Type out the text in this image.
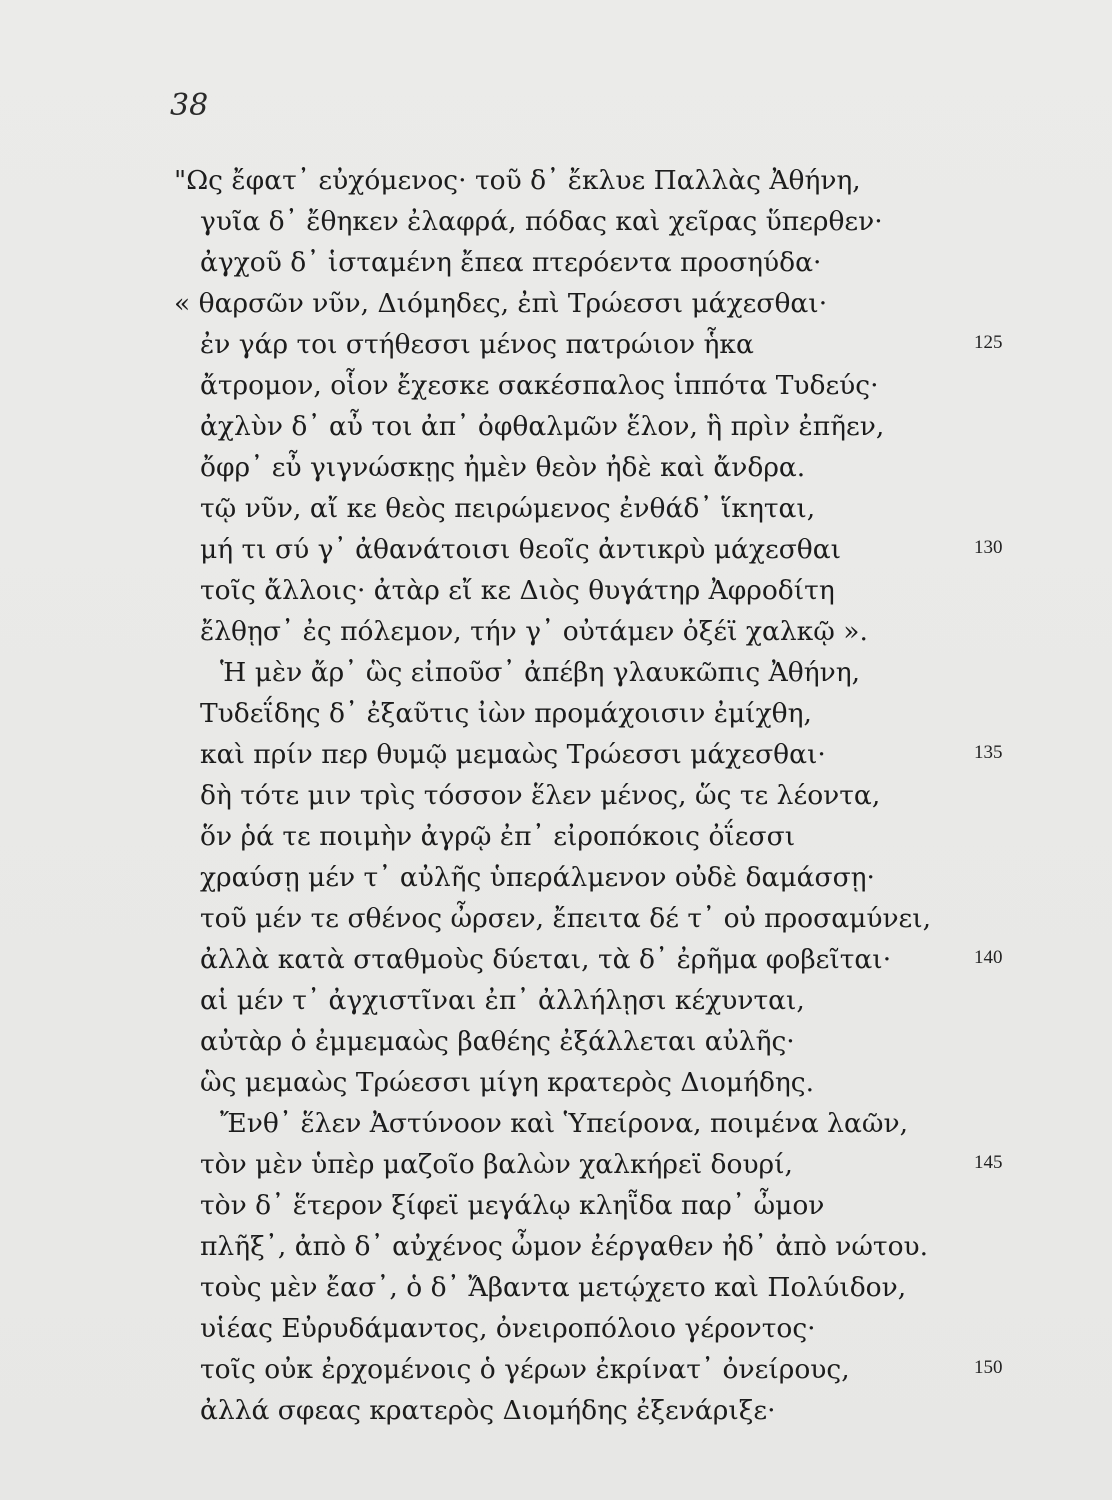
38
"Ως ἔφατ᾽ εὐχόμενος· τοῦ δ᾽ ἔκλυε Παλλὰς Ἀθήνη,
γυῖα δ᾽ ἔθηκεν ἐλαφρά, πόδας καὶ χεῖρας ὕπερθεν·
ἀγχοῦ δ᾽ ἱσταμένη ἔπεα πτερόεντα προσηύδα·
« θαρσῶν νῦν, Διόμηδες, ἐπὶ Τρώεσσι μάχεσθαι·
ἐν γάρ τοι στήθεσσι μένος πατρώιον ἧκα	125
ἄτρομον, οἷον ἔχεσκε σακέσπαλος ἱππότα Τυδεύς·
ἀχλὺν δ᾽ αὖ τοι ἀπ᾽ ὀφθαλμῶν ἕλον, ἣ πρὶν ἐπῆεν,
ὄφρ᾽ εὖ γιγνώσκῃς ἠμὲν θεὸν ἠδὲ καὶ ἄνδρα.
τῷ νῦν, αἴ κε θεὸς πειρώμενος ἐνθάδ᾽ ἵκηται,
μή τι σύ γ᾽ ἀθανάτοισι θεοῖς ἀντικρὺ μάχεσθαι	130
τοῖς ἄλλοις· ἀτὰρ εἴ κε Διὸς θυγάτηρ Ἀφροδίτη
ἔλθῃσ᾽ ἐς πόλεμον, τήν γ᾽ οὐτάμεν ὀξέϊ χαλκῷ ».
Ἡ μὲν ἄρ᾽ ὣς εἰποῦσ᾽ ἀπέβη γλαυκῶπις Ἀθήνη,
Τυδεΐδης δ᾽ ἐξαῦτις ἰὼν προμάχοισιν ἐμίχθη,
καὶ πρίν περ θυμῷ μεμαὼς Τρώεσσι μάχεσθαι·	135
δὴ τότε μιν τρὶς τόσσον ἕλεν μένος, ὥς τε λέοντα,
ὅν ῥά τε ποιμὴν ἀγρῷ ἐπ᾽ εἰροπόκοις ὀΐεσσι
χραύσῃ μέν τ᾽ αὐλῆς ὑπεράλμενον οὐδὲ δαμάσσῃ·
τοῦ μέν τε σθένος ὦρσεν, ἔπειτα δέ τ᾽ οὐ προσαμύνει,
ἀλλὰ κατὰ σταθμοὺς δύεται, τὰ δ᾽ ἐρῆμα φοβεῖται·	140
αἱ μέν τ᾽ ἀγχιστῖναι ἐπ᾽ ἀλλήλῃσι κέχυνται,
αὐτὰρ ὁ ἐμμεμαὼς βαθέης ἐξάλλεται αὐλῆς·
ὣς μεμαὼς Τρώεσσι μίγη κρατερὸς Διομήδης.
Ἔνθ᾽ ἕλεν Ἀστύνοον καὶ Ὑπείρονα, ποιμένα λαῶν,
τὸν μὲν ὑπὲρ μαζοῖο βαλὼν χαλκήρεϊ δουρί,	145
τὸν δ᾽ ἕτερον ξίφεϊ μεγάλῳ κληῗδα παρ᾽ ὦμον
πλῆξ᾽, ἀπὸ δ᾽ αὐχένος ὦμον ἐέργαθεν ἠδ᾽ ἀπὸ νώτου.
τοὺς μὲν ἔασ᾽, ὁ δ᾽ Ἄβαντα μετῴχετο καὶ Πολύιδον,
υἱέας Εὐρυδάμαντος, ὀνειροπόλοιο γέροντος·
τοῖς οὐκ ἐρχομένοις ὁ γέρων ἐκρίνατ᾽ ὀνείρους,	150
ἀλλά σφεας κρατερὸς Διομήδης ἐξενάριξε·
